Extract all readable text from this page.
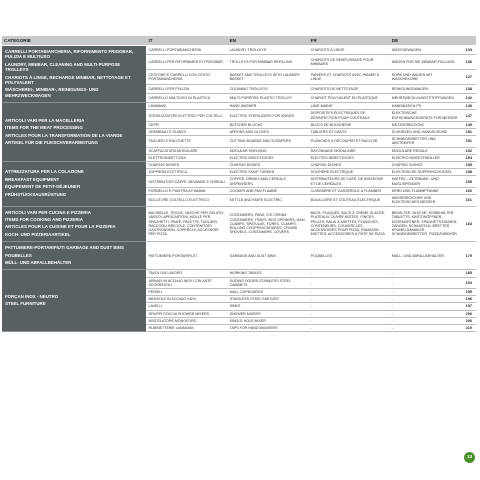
CATEGORIE	IT	EN	FR	DE	

CARRELLI PORTABIANCHERIA, RIFORNIMENTO FRIGOBAR, PULIZIA E MULTIUSO
LAUNDRY, MINIBAR, CLEANING AND MULTI-PURPOSE TROLLEYS
CHARIOTS À LINGE, RECHARGE MINIBAR, NETTOYAGE ET POLYVALENT
WÄSCHEREI-, MINIBAR-, REINIGUNGS- UND MEHRZWECKWAGEN	CARRELLI PORTABIANCHERIA	LAUNDRY TROLLEYS	CHARIOTS À LINGE	WÄSCHEWAGEN	133
	CARRELLI PER RIFORNIMENTO FRIGOBAR	TROLLEYS FOR MINIBAR REFILLING	CHARIOTS DE REMPLISSAGE POUR MINIBARS	WAGEN FÜR DIE MINIBAR-FÜLLUNG	136
	CESTONE E CARRELLI CON CESTO PORTABIANCHERIA	BASKET AND TROLLEYS WITH LAUNDRY BASKET	PANIERS ET CHARIOTS AVEC PANIER À LINGE	KORB UND WAGEN MIT WÄSCHEKORB	137
	CARRELLI PER PULIZIA	CLEANING TROLLEYS	CHARIOTS DE NETTOYAGE	REINIGUNGSWAGEN	138
	CARRELLO MULTIUSO IN PLASTICA	MULTI-PURPOSE PLASTIC TROLLEY	CHARIOT POLYVALENT EN PLASTIQUE	MEHRZWECK-KUNSTSTOFFWAGEN	142

ARTICOLI VARI PER LA MACELLERIA
ITEMS FOR THE MEAT PROCESSING
ARTICLES POUR LA TRANSFORMATION DE LA VIANDE
ARTIKEL FÜR DIE FLEISCHVERARBEITUNG	LAVAMANI	HAND WASHER	LAVE-MAINS	HANDWASCH-PS	146
	STERILIZZATORI ELETTRICI PER COLTELLI	ELECTRIC STERILIZERS FOR KNIVES	DISPOSITIFS ÉLECTRIQUES DE DÉSINFECTION POUR COUTEAUX	ELEKTRISCHE ENTKEIMUNGSGERÄTE FÜR MESSER	147
	CEPPI	BUTCHER BLOCKS	BLOCS DE BOUCHERIE	METZGERBLÖCKE	149
	GREMBIULI E GUANTI	APRONS AND GLOVES	TABLIERS ET GANTS	SCHÜRZEN UND HANDSCHUHE	151
	TAGLIERI E RACCHETTE	CUTTING BOARDS AND SCRAPERS	PLANCHES À DÉCOUPER ET RACLOIR	SCHNEIDEBRETTER UND ABSTREIFER	151
	SCAFFALATURA MODULARE	MODULAR SHELVING	RAYONNAGE MODULAIRE	MODULARE REGALE	152
	ELETTROINSETTICIDI	ELECTRIC INSECTICIDES	ÉLECTRO INSECTICIDES	ELEKTRO INSEKTENKILLER	154

ATTREZZATURA PER LA COLAZIONE
BREAKFAST EQUIPMENT
ÉQUIPEMENT DE PETIT-DÉJEUNER
FRÜHSTÜCKSAUSRÜSTUNG	CHAFING DISHES	CHAFING DISHES	CHAFING DISHES	CHAFING DISHES	155
	ZUPPIERA ELETTRICA	ELECTRIC SOUP TUREEN	SOUPIÈRE ÉLECTRIQUE	ELEKTRISCHE SUPPENSCHÜSSEL	158
	DISTRIBUTORI CAFFÈ, BEVANDE E CEREALI	COFFEE, DRINKS AND CEREALS DISPENSERS	DISTRIBUTEURS DE CAFÉ, DE BOISSONS ET DE CÉRÉALES	KAFFEE-, GETRÄNKE- UND MÜSLISPENDER	159
	FORNELLO E PIASTRA A FIAMMA	COOKER AND PAN FLAMBÉ	CUISINIÈRE ET CASSEROLE À FLAMBER	HERD UND FLAMMPFANNE	160
	BOLLITORE COLTELLO ELETTRICO	KETTLE AND KNIFE ELECTRIC	BOUILLOIRE ET COUTEAU ÉLECTRIQUE	WASSERKOCHER UND ELEKTRISCHES MESSER	161

ARTICOLI VARI PER CUCINA E PIZZERIA
ITEMS FOR COOKING AND PIZZERIA
ARTICLES POUR LA CUISINE ET POUR LA PIZZERIA
KOCH- UND PIZZERIAARTIKEL	BACINELLE, TEGLIE, VASCHE PER GELATO, VASSOI, APRICARTONI, MOLLE PER SPAGHETTI, PINZE, PALETTE, TAGLIERI, RACCOGLI BRICIOLE, CONTENITORI GASTRONORM, COPERCHI, ACCESSORI PER PIZZA	CONTAINERS, PANS, ICE CREAM CONTAINERS, TRAYS, BOX OPENERS, HAM CLAMPS, SPATULAS, FORKS, CLAMPS, ROLLING CHOPPING BOARDS, CRUMB SHOVELS, CONTAINERS, COVERS	BACS, PLAQUES, BACS À CRÈME GLACÉE, PLATEAUX, OUVRE-BOÎTES, PINCES, PELLES, BALAI À MIETTES, PLANCHES, CONTENEURS, COUVERCLES, ACCESSOIRES POUR PIZZA, RAMASSE-MIETTES, ACCESSOIRES À PÂTE DE PIZZA	BEHÄLTER, BLECHE, EISBEHÄLTER, TABLETTS, KARTONÖFFNER, DOSENÖFFNER, SPAGHETTIZANGEN, ZANGEN, SCHAUFELN, BRETTER, KRÜMELSAMMLER, SCHNEIDEBRETTER, PIZZAZUBEHÖR	163

PATTUMIERE-PORTARIFIUTI GARBAGE AND DUST BINS
POUBELLES
MÜLL- UND ABFALLBEHÄLTER	PATTUMIERE-PORTARIFIUTI	GARBAGE AND DUST BINS	POUBELLES	MÜLL- UND ABFALLBEHÄLTER	179

FORÇAN INOX - NEUTRO
STEEL FURNITURE	TAVOLI DA LAVORO	WORKING TABLES	-	-	185
	ARMADI IN ACCIAIO INOX CON ANTE SCORREVOLI	SLIDING DOORS STAINLESS STEEL CABINETS	-	-	193
	PENSILI	WALL CUPBOARDS	-	-	195
	MENSOLE IN ACCIAIO INOX	STAINLESS STEEL SHELVES	-	-	196
	LAVELLI	SINKS	-	-	197
	GRUPPI DOCCIA SHOWER MIXERS	SHOWER MIXERS	-	-	206
	MISCELATORE MONOFORO	SINGLE HOLE MIXER	-	-	206
	RUBINETTERIE LAVAMANI	TAPS FOR HAND WASHERS	-	-	210
13
